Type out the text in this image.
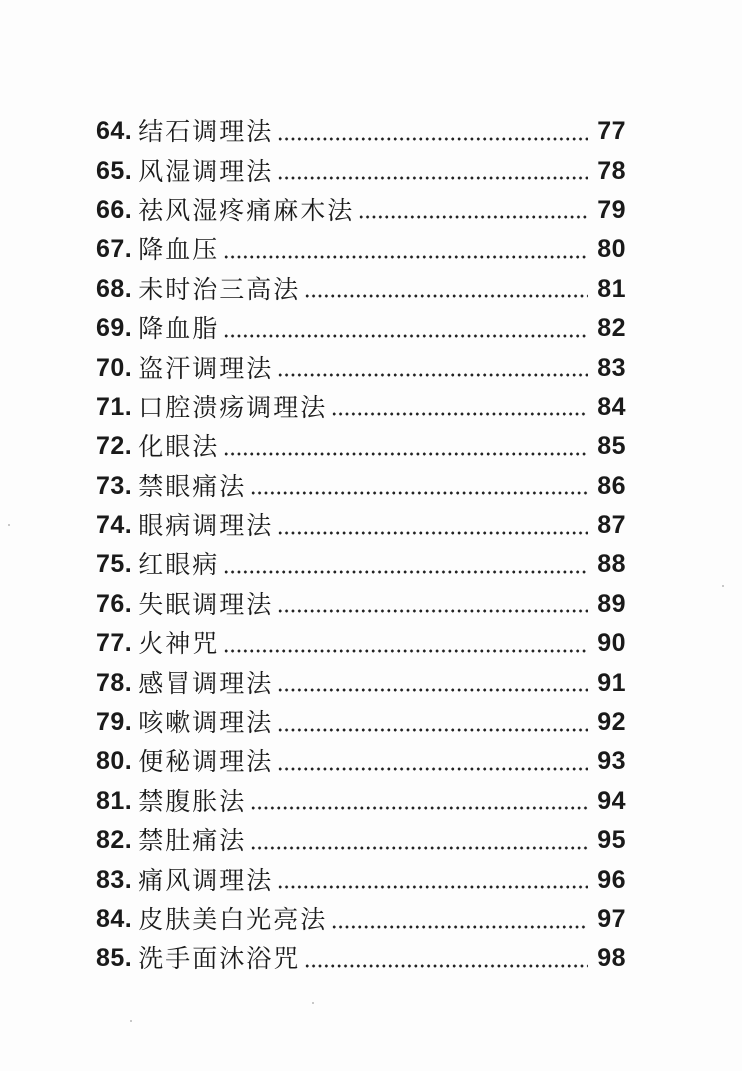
64. 结石调理法	77
65. 风湿调理法	78
66. 祛风湿疼痛麻木法	79
67. 降血压	80
68. 未时治三高法	81
69. 降血脂	82
70. 盗汗调理法	83
71. 口腔溃疡调理法	84
72. 化眼法	85
73. 禁眼痛法	86
74. 眼病调理法	87
75. 红眼病	88
76. 失眠调理法	89
77. 火神咒	90
78. 感冒调理法	91
79. 咳嗽调理法	92
80. 便秘调理法	93
81. 禁腹胀法	94
82. 禁肚痛法	95
83. 痛风调理法	96
84. 皮肤美白光亮法	97
85. 洗手面沐浴咒	98
